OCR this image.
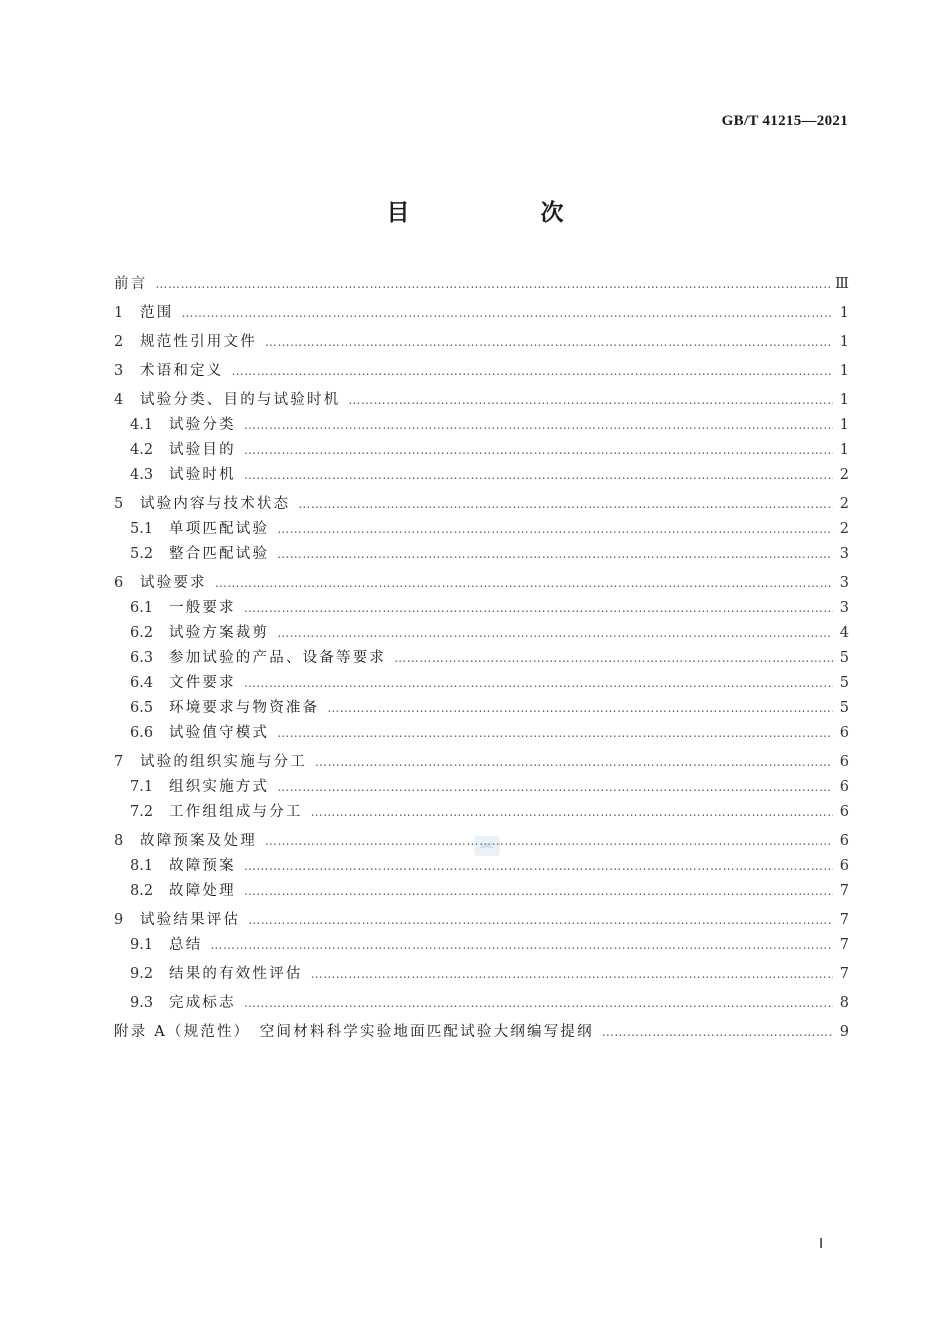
GB/T 41215—2021
目　次
前言 …………………………………………………………………………………………………………………………………………………………………………………………………………………………………………………………	Ⅲ
1	范围 …………………………………………………………………………………………………………………………………………………………………………………………………………………………………………………………	1
2	规范性引用文件 …………………………………………………………………………………………………………………………………………………………………………………………………………………………………………………………	1
3	术语和定义 …………………………………………………………………………………………………………………………………………………………………………………………………………………………………………………………	1
4	试验分类、目的与试验时机 …………………………………………………………………………………………………………………………………………………………………………………………………………………………………………………………	1
4.1	试验分类 …………………………………………………………………………………………………………………………………………………………………………………………………………………………………………………………	1
4.2	试验目的 …………………………………………………………………………………………………………………………………………………………………………………………………………………………………………………………	1
4.3	试验时机 …………………………………………………………………………………………………………………………………………………………………………………………………………………………………………………………	2
5	试验内容与技术状态 …………………………………………………………………………………………………………………………………………………………………………………………………………………………………………………………	2
5.1	单项匹配试验 …………………………………………………………………………………………………………………………………………………………………………………………………………………………………………………………	2
5.2	整合匹配试验 …………………………………………………………………………………………………………………………………………………………………………………………………………………………………………………………	3
6	试验要求 …………………………………………………………………………………………………………………………………………………………………………………………………………………………………………………………	3
6.1	一般要求 …………………………………………………………………………………………………………………………………………………………………………………………………………………………………………………………	3
6.2	试验方案裁剪 …………………………………………………………………………………………………………………………………………………………………………………………………………………………………………………………	4
6.3	参加试验的产品、设备等要求 …………………………………………………………………………………………………………………………………………………………………………………………………………………………………………………………	5
6.4	文件要求 …………………………………………………………………………………………………………………………………………………………………………………………………………………………………………………………	5
6.5	环境要求与物资准备 …………………………………………………………………………………………………………………………………………………………………………………………………………………………………………………………	5
6.6	试验值守模式 …………………………………………………………………………………………………………………………………………………………………………………………………………………………………………………………	6
7	试验的组织实施与分工 …………………………………………………………………………………………………………………………………………………………………………………………………………………………………………………………	6
7.1	组织实施方式 …………………………………………………………………………………………………………………………………………………………………………………………………………………………………………………………	6
7.2	工作组组成与分工 …………………………………………………………………………………………………………………………………………………………………………………………………………………………………………………………	6
8	故障预案及处理 …………………………………………………………………………………………………………………………………………………………………………………………………………………………………………………………	6
8.1	故障预案 …………………………………………………………………………………………………………………………………………………………………………………………………………………………………………………………	6
8.2	故障处理 …………………………………………………………………………………………………………………………………………………………………………………………………………………………………………………………	7
9	试验结果评估 …………………………………………………………………………………………………………………………………………………………………………………………………………………………………………………………	7
9.1	总结 …………………………………………………………………………………………………………………………………………………………………………………………………………………………………………………………	7
9.2	结果的有效性评估 …………………………………………………………………………………………………………………………………………………………………………………………………………………………………………………………	7
9.3	完成标志 …………………………………………………………………………………………………………………………………………………………………………………………………………………………………………………………	8
附录 A（规范性）　空间材料科学实验地面匹配试验大纲编写提纲 …………………………………………………………………………………………………………………………………………………………………………………………………………………………………………………………	9
SAC
Ⅰ
